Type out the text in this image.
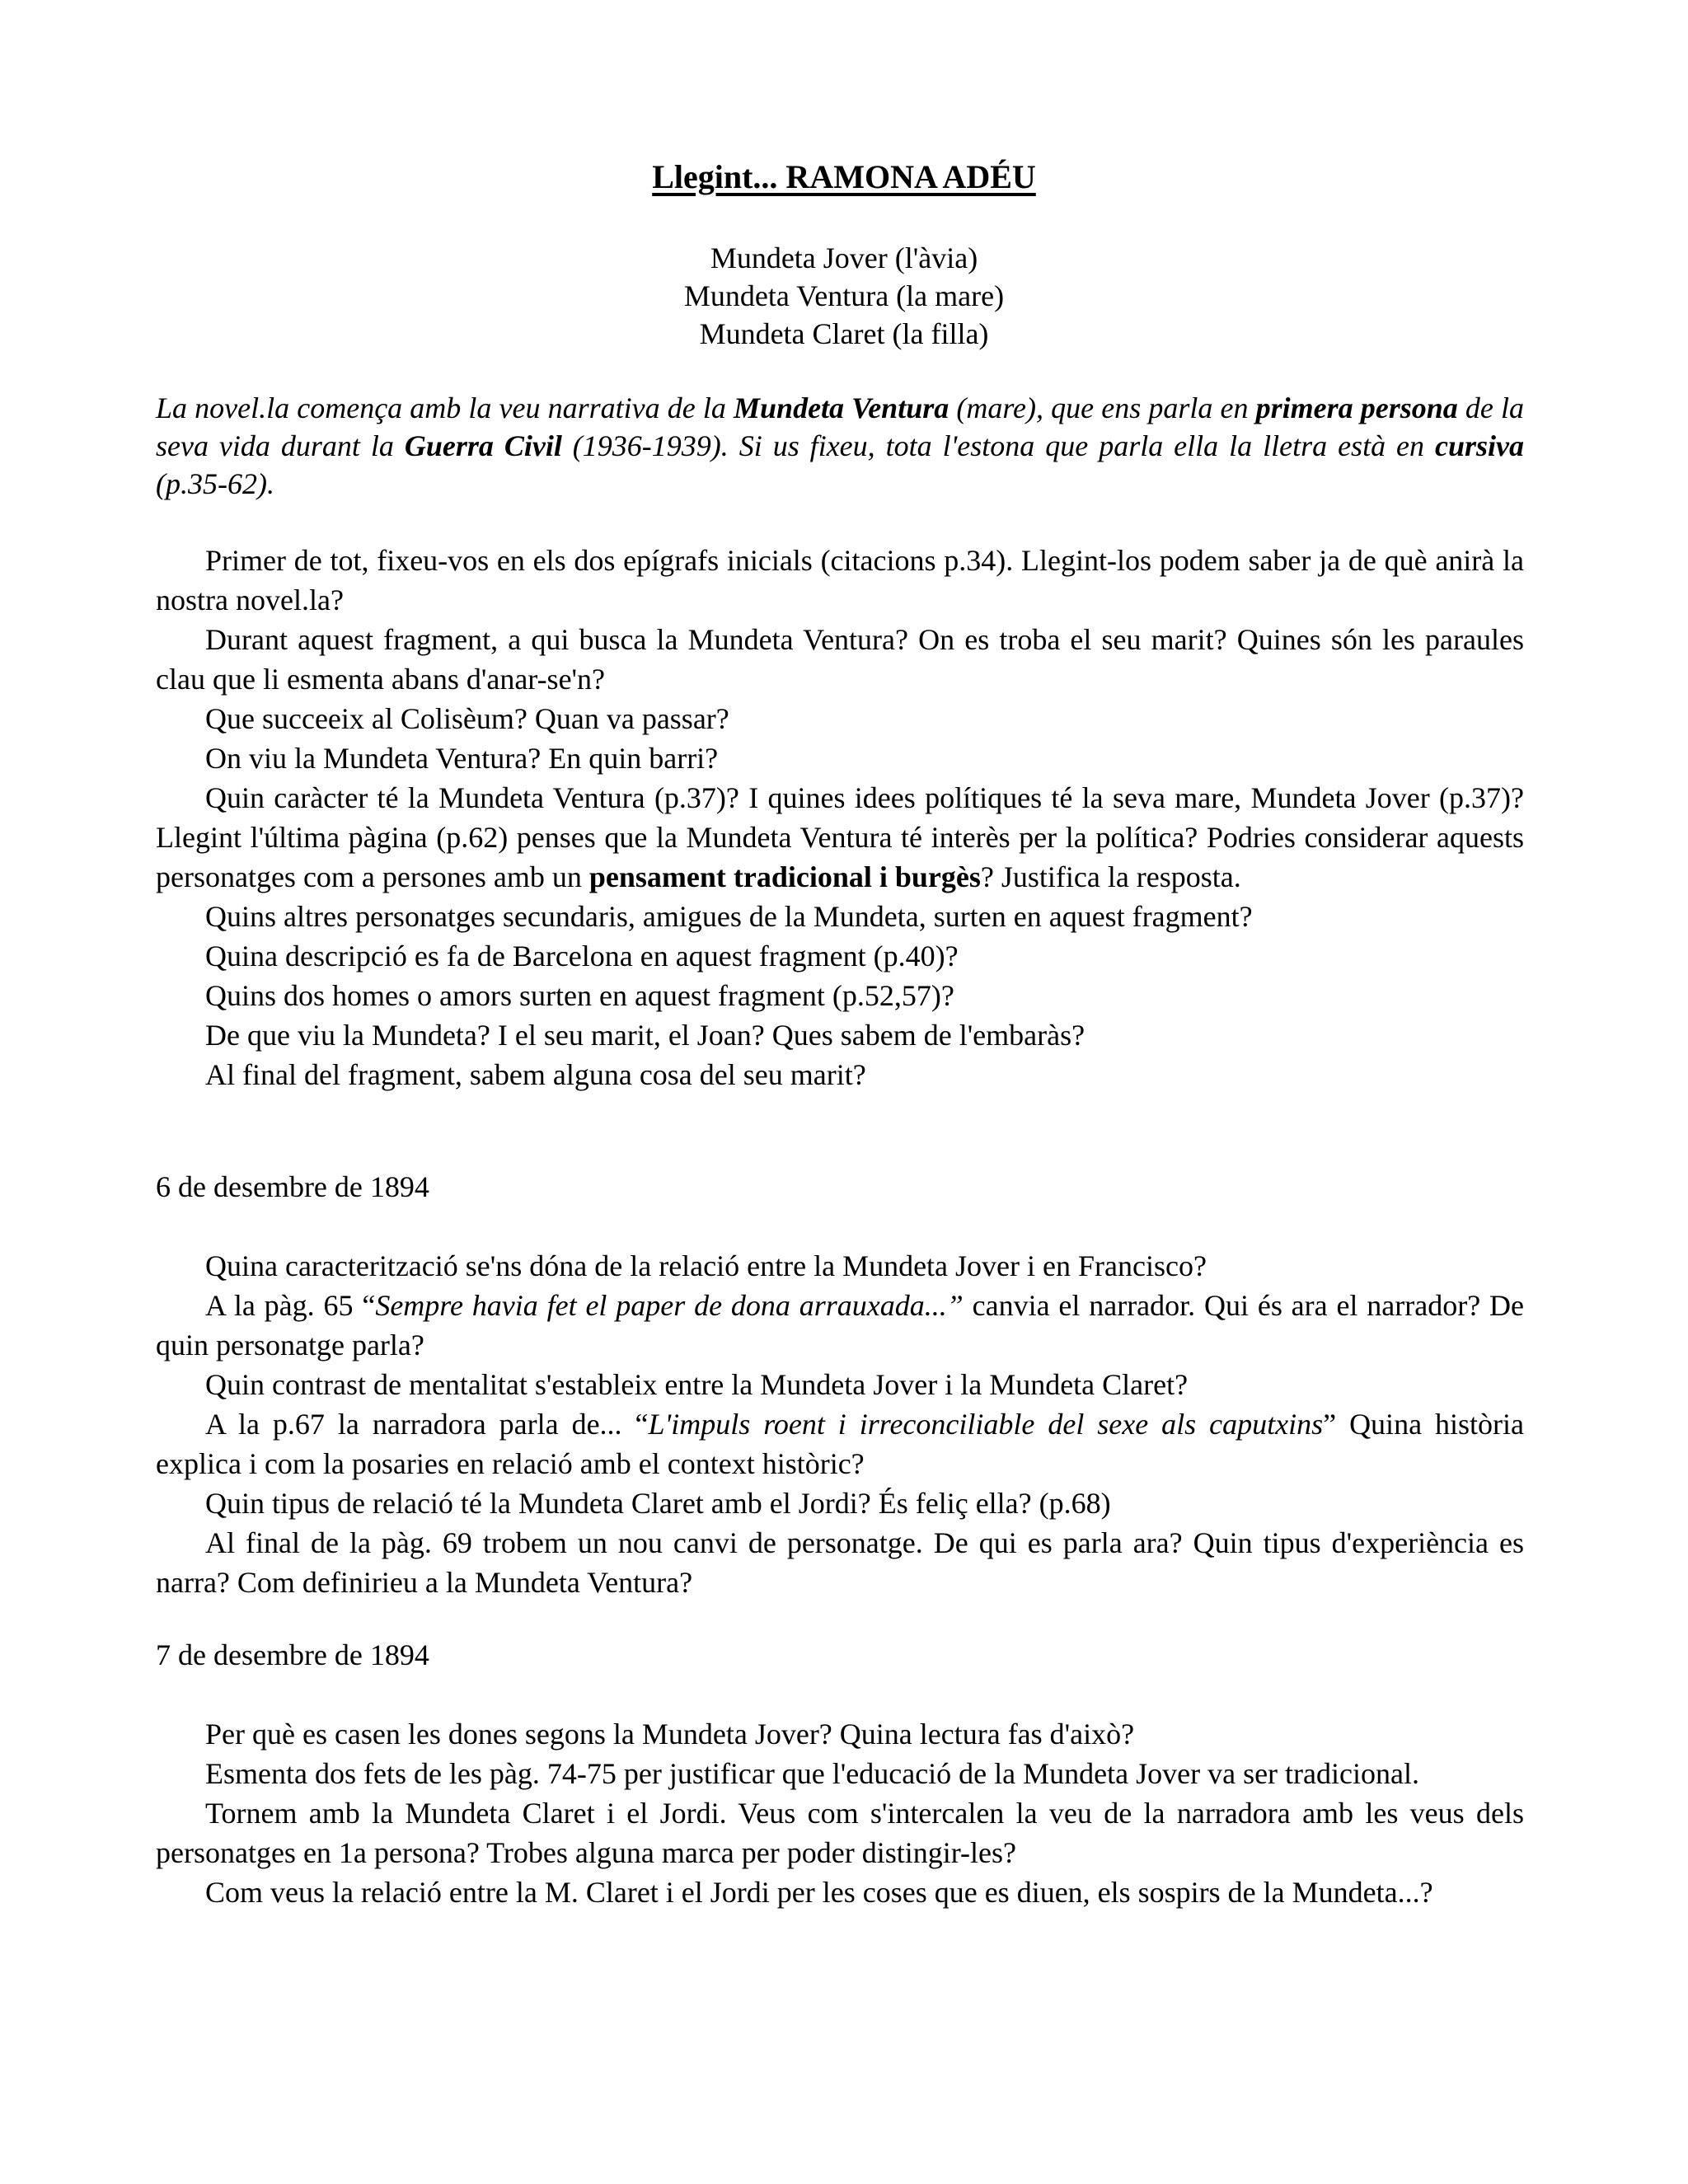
Llegint... RAMONA ADÉU
Mundeta Jover (l'àvia)
Mundeta Ventura (la mare)
Mundeta Claret (la filla)

La novel.la comença amb la veu narrativa de la Mundeta Ventura (mare), que ens parla en primera persona de la seva vida durant la Guerra Civil (1936-1939). Si us fixeu, tota l'estona que parla ella la lletra està en cursiva (p.35-62).

Primer de tot, fixeu-vos en els dos epígrafs inicials (citacions p.34). Llegint-los podem saber ja de què anirà la nostra novel.la?

Durant aquest fragment, a qui busca la Mundeta Ventura? On es troba el seu marit? Quines són les paraules clau que li esmenta abans d'anar-se'n?

Que succeeix al Colisèum? Quan va passar?

On viu la Mundeta Ventura? En quin barri?

Quin caràcter té la Mundeta Ventura (p.37)? I quines idees polítiques té la seva mare, Mundeta Jover (p.37)? Llegint l'última pàgina (p.62) penses que la Mundeta Ventura té interès per la política? Podries considerar aquests personatges com a persones amb un pensament tradicional i burgès? Justifica la resposta.

Quins altres personatges secundaris, amigues de la Mundeta, surten en aquest fragment?

Quina descripció es fa de Barcelona en aquest fragment (p.40)?

Quins dos homes o amors surten en aquest fragment (p.52,57)?

De que viu la Mundeta? I el seu marit, el Joan? Ques sabem de l'embaràs?

Al final del fragment, sabem alguna cosa del seu marit?

6 de desembre de 1894

Quina caracterització se'ns dóna de la relació entre la Mundeta Jover i en Francisco?

A la pàg. 65 “Sempre havia fet el paper de dona arrauxada...” canvia el narrador. Qui és ara el narrador? De quin personatge parla?

Quin contrast de mentalitat s'estableix entre la Mundeta Jover i la Mundeta Claret?

A la p.67 la narradora parla de... “L'impuls roent i irreconciliable del sexe als caputxins” Quina història explica i com la posaries en relació amb el context històric?

Quin tipus de relació té la Mundeta Claret amb el Jordi? És feliç ella? (p.68)

Al final de la pàg. 69 trobem un nou canvi de personatge. De qui es parla ara? Quin tipus d'experiència es narra? Com definirieu a la Mundeta Ventura?

7 de desembre de 1894

Per què es casen les dones segons la Mundeta Jover? Quina lectura fas d'això?

Esmenta dos fets de les pàg. 74-75 per justificar que l'educació de la Mundeta Jover va ser tradicional.

Tornem amb la Mundeta Claret i el Jordi. Veus com s'intercalen la veu de la narradora amb les veus dels personatges en 1a persona? Trobes alguna marca per poder distingir-les?

Com veus la relació entre la M. Claret i el Jordi per les coses que es diuen, els sospirs de la Mundeta...?
